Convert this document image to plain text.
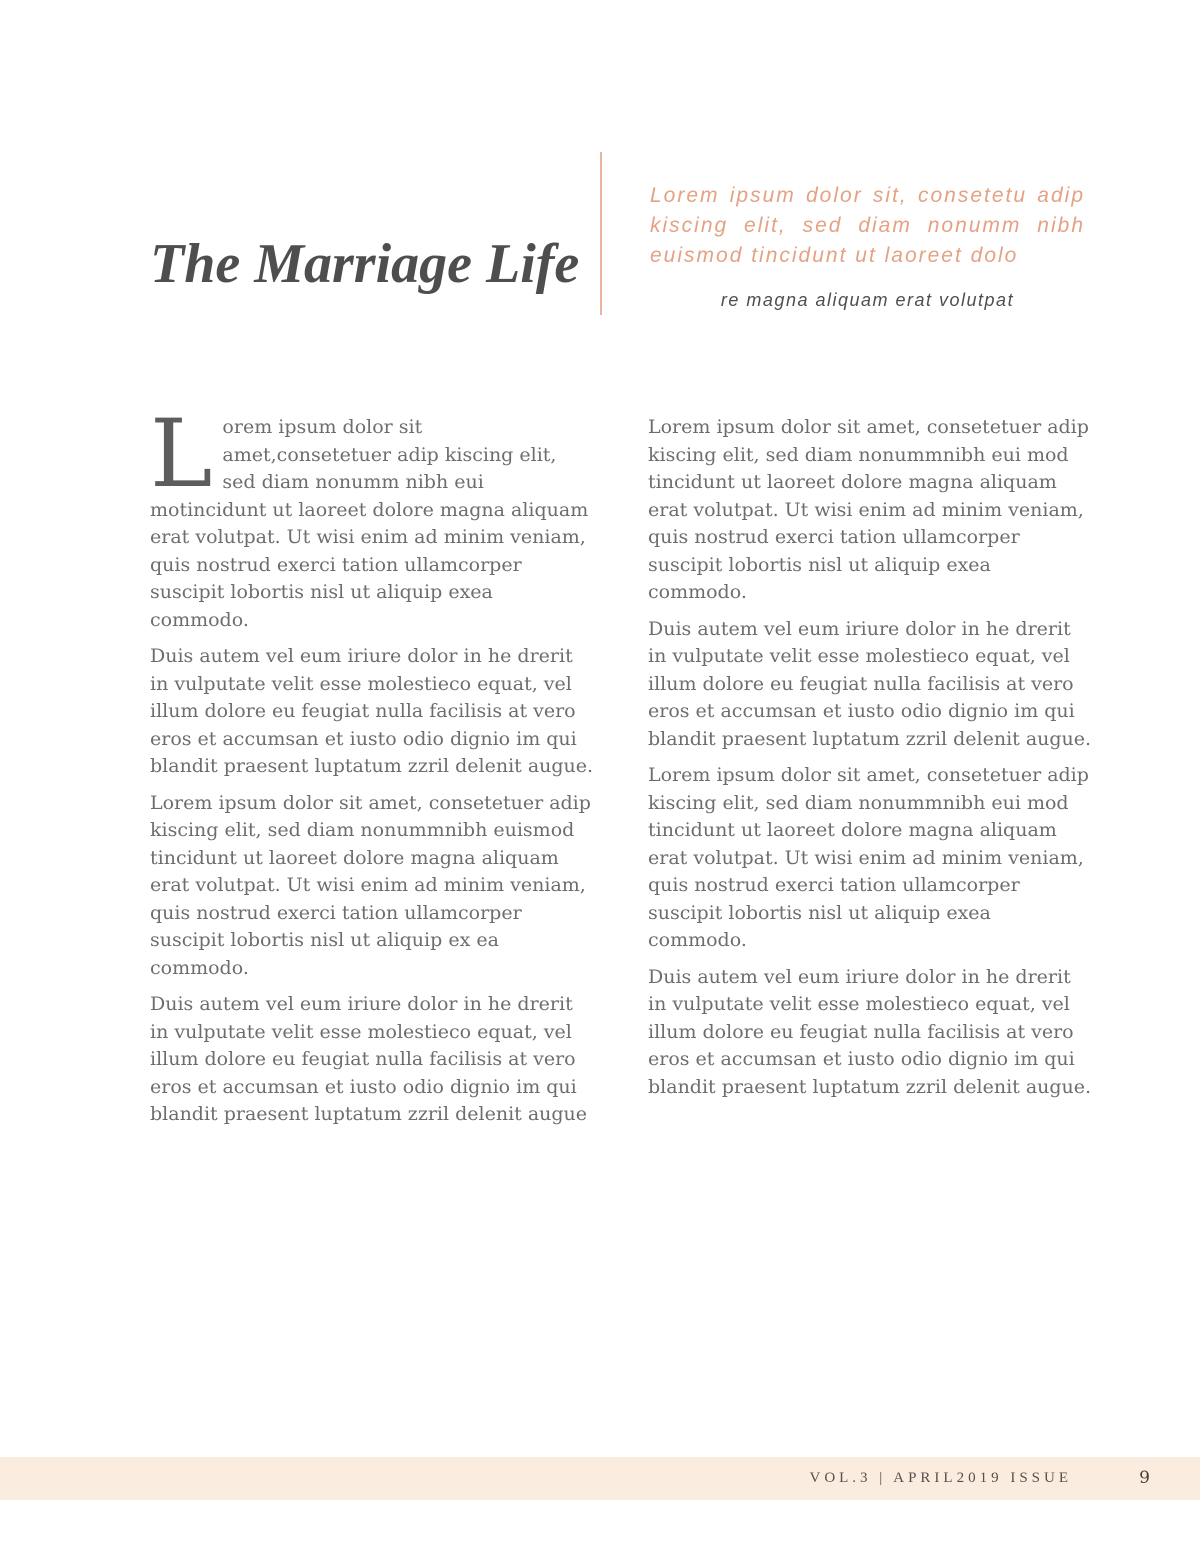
The Marriage Life
Lorem ipsum dolor sit, consetetu adip
kiscing elit, sed diam nonumm nibh
euismod tincidunt ut laoreet dolo
re magna aliquam erat volutpat

Lorem ipsum dolor sit amet,consetetuer adip kiscing elit, sed diam nonumm nibh eui motincidunt ut laoreet dolore magna aliquam erat volutpat. Ut wisi enim ad minim veniam, quis nostrud exerci tation ullamcorper suscipit lobortis nisl ut aliquip exea commodo.

Duis autem vel eum iriure dolor in he drerit in vulputate velit esse molestieco equat, vel illum dolore eu feugiat nulla facilisis at vero eros et accumsan et iusto odio dignio im qui blandit praesent luptatum zzril delenit augue.

Lorem ipsum dolor sit amet, consetetuer adip kiscing elit, sed diam nonummnibh euismod tincidunt ut laoreet dolore magna aliquam erat volutpat. Ut wisi enim ad minim veniam, quis nostrud exerci tation ullamcorper suscipit lobortis nisl ut aliquip ex ea commodo.

Duis autem vel eum iriure dolor in he drerit in vulputate velit esse molestieco equat, vel illum dolore eu feugiat nulla facilisis at vero eros et accumsan et iusto odio dignio im qui blandit praesent luptatum zzril delenit augue

Lorem ipsum dolor sit amet, consetetuer adip kiscing elit, sed diam nonummnibh eui mod tincidunt ut laoreet dolore magna aliquam erat volutpat. Ut wisi enim ad minim veniam, quis nostrud exerci tation ullamcorper suscipit lobortis nisl ut aliquip exea commodo.

Duis autem vel eum iriure dolor in he drerit in vulputate velit esse molestieco equat, vel illum dolore eu feugiat nulla facilisis at vero eros et accumsan et iusto odio dignio im qui blandit praesent luptatum zzril delenit augue.

Lorem ipsum dolor sit amet, consetetuer adip kiscing elit, sed diam nonummnibh eui mod tincidunt ut laoreet dolore magna aliquam erat volutpat. Ut wisi enim ad minim veniam, quis nostrud exerci tation ullamcorper suscipit lobortis nisl ut aliquip exea commodo.

Duis autem vel eum iriure dolor in he drerit in vulputate velit esse molestieco equat, vel illum dolore eu feugiat nulla facilisis at vero eros et accumsan et iusto odio dignio im qui blandit praesent luptatum zzril delenit augue.

VOL.3 | APRIL2019 ISSUE	9
